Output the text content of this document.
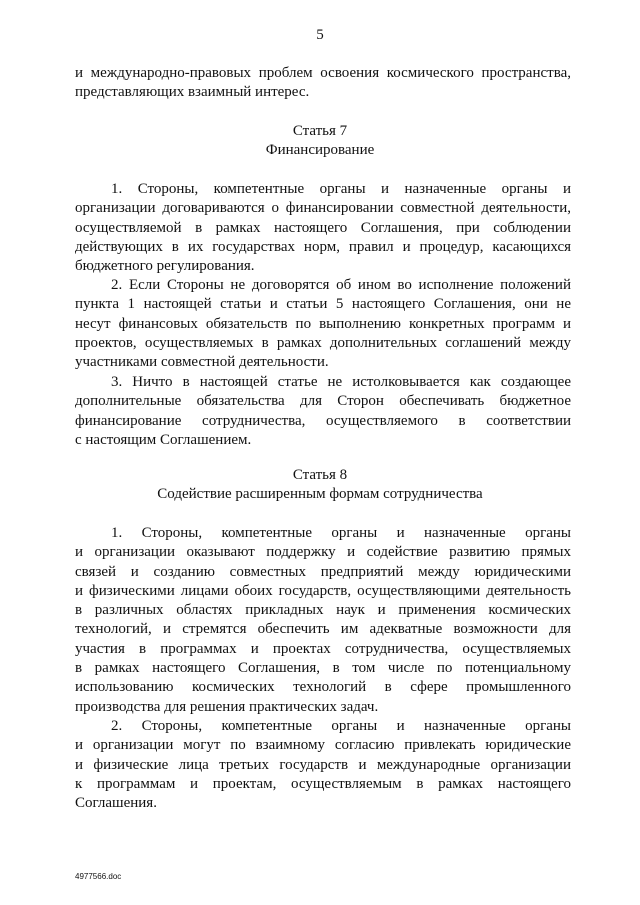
5
и международно-правовых проблем освоения космического пространства,
представляющих взаимный интерес.
Статья 7
Финансирование
1. Стороны, компетентные органы и назначенные органы и
организации договариваются о финансировании совместной деятельности,
осуществляемой в рамках настоящего Соглашения, при соблюдении
действующих в их государствах норм, правил и процедур, касающихся
бюджетного регулирования.
2. Если Стороны не договорятся об ином во исполнение положений
пункта 1 настоящей статьи и статьи 5 настоящего Соглашения, они не
несут финансовых обязательств по выполнению конкретных программ и
проектов, осуществляемых в рамках дополнительных соглашений между
участниками совместной деятельности.
3. Ничто в настоящей статье не истолковывается как создающее
дополнительные обязательства для Сторон обеспечивать бюджетное
финансирование сотрудничества, осуществляемого в соответствии
с настоящим Соглашением.
Статья 8
Содействие расширенным формам сотрудничества
1. Стороны, компетентные органы и назначенные органы
и организации оказывают поддержку и содействие развитию прямых
связей и созданию совместных предприятий между юридическими
и физическими лицами обоих государств, осуществляющими деятельность
в различных областях прикладных наук и применения космических
технологий, и стремятся обеспечить им адекватные возможности для
участия в программах и проектах сотрудничества, осуществляемых
в рамках настоящего Соглашения, в том числе по потенциальному
использованию космических технологий в сфере промышленного
производства для решения практических задач.
2. Стороны, компетентные органы и назначенные органы
и организации могут по взаимному согласию привлекать юридические
и физические лица третьих государств и международные организации
к программам и проектам, осуществляемым в рамках настоящего
Соглашения.
4977566.doc
